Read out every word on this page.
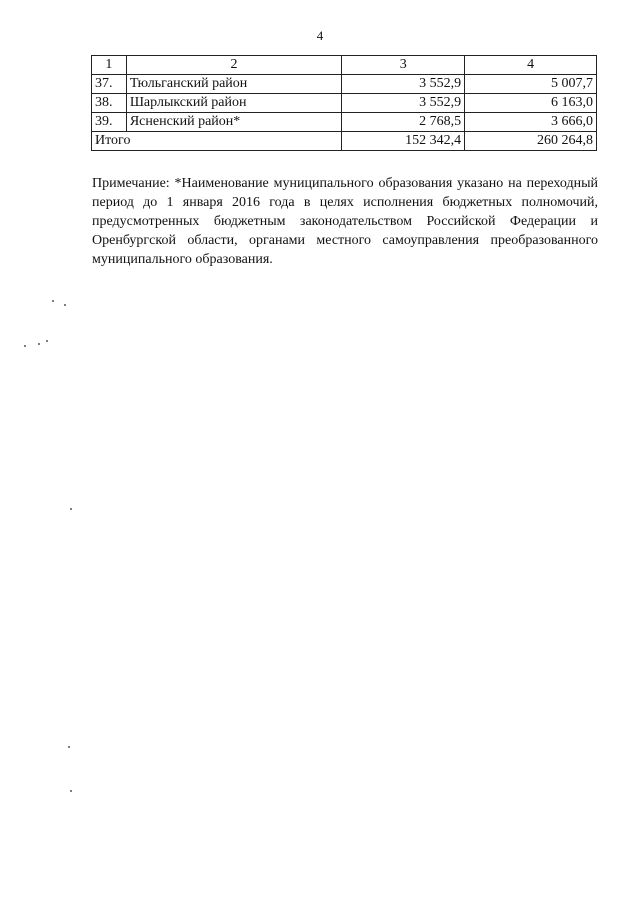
4
1	2	3	4
37.	Тюльганский район	3 552,9	5 007,7
38.	Шарлыкский район	3 552,9	6 163,0
39.	Ясненский район*	2 768,5	3 666,0
Итого		152 342,4	260 264,8

Примечание: *Наименование муниципального образования указано на переходный период до 1 января 2016 года в целях исполнения бюджетных полномочий, предусмотренных бюджетным законодательством Российской Федерации и Оренбургской области, органами местного самоуправления преобразованного муниципального образования.
